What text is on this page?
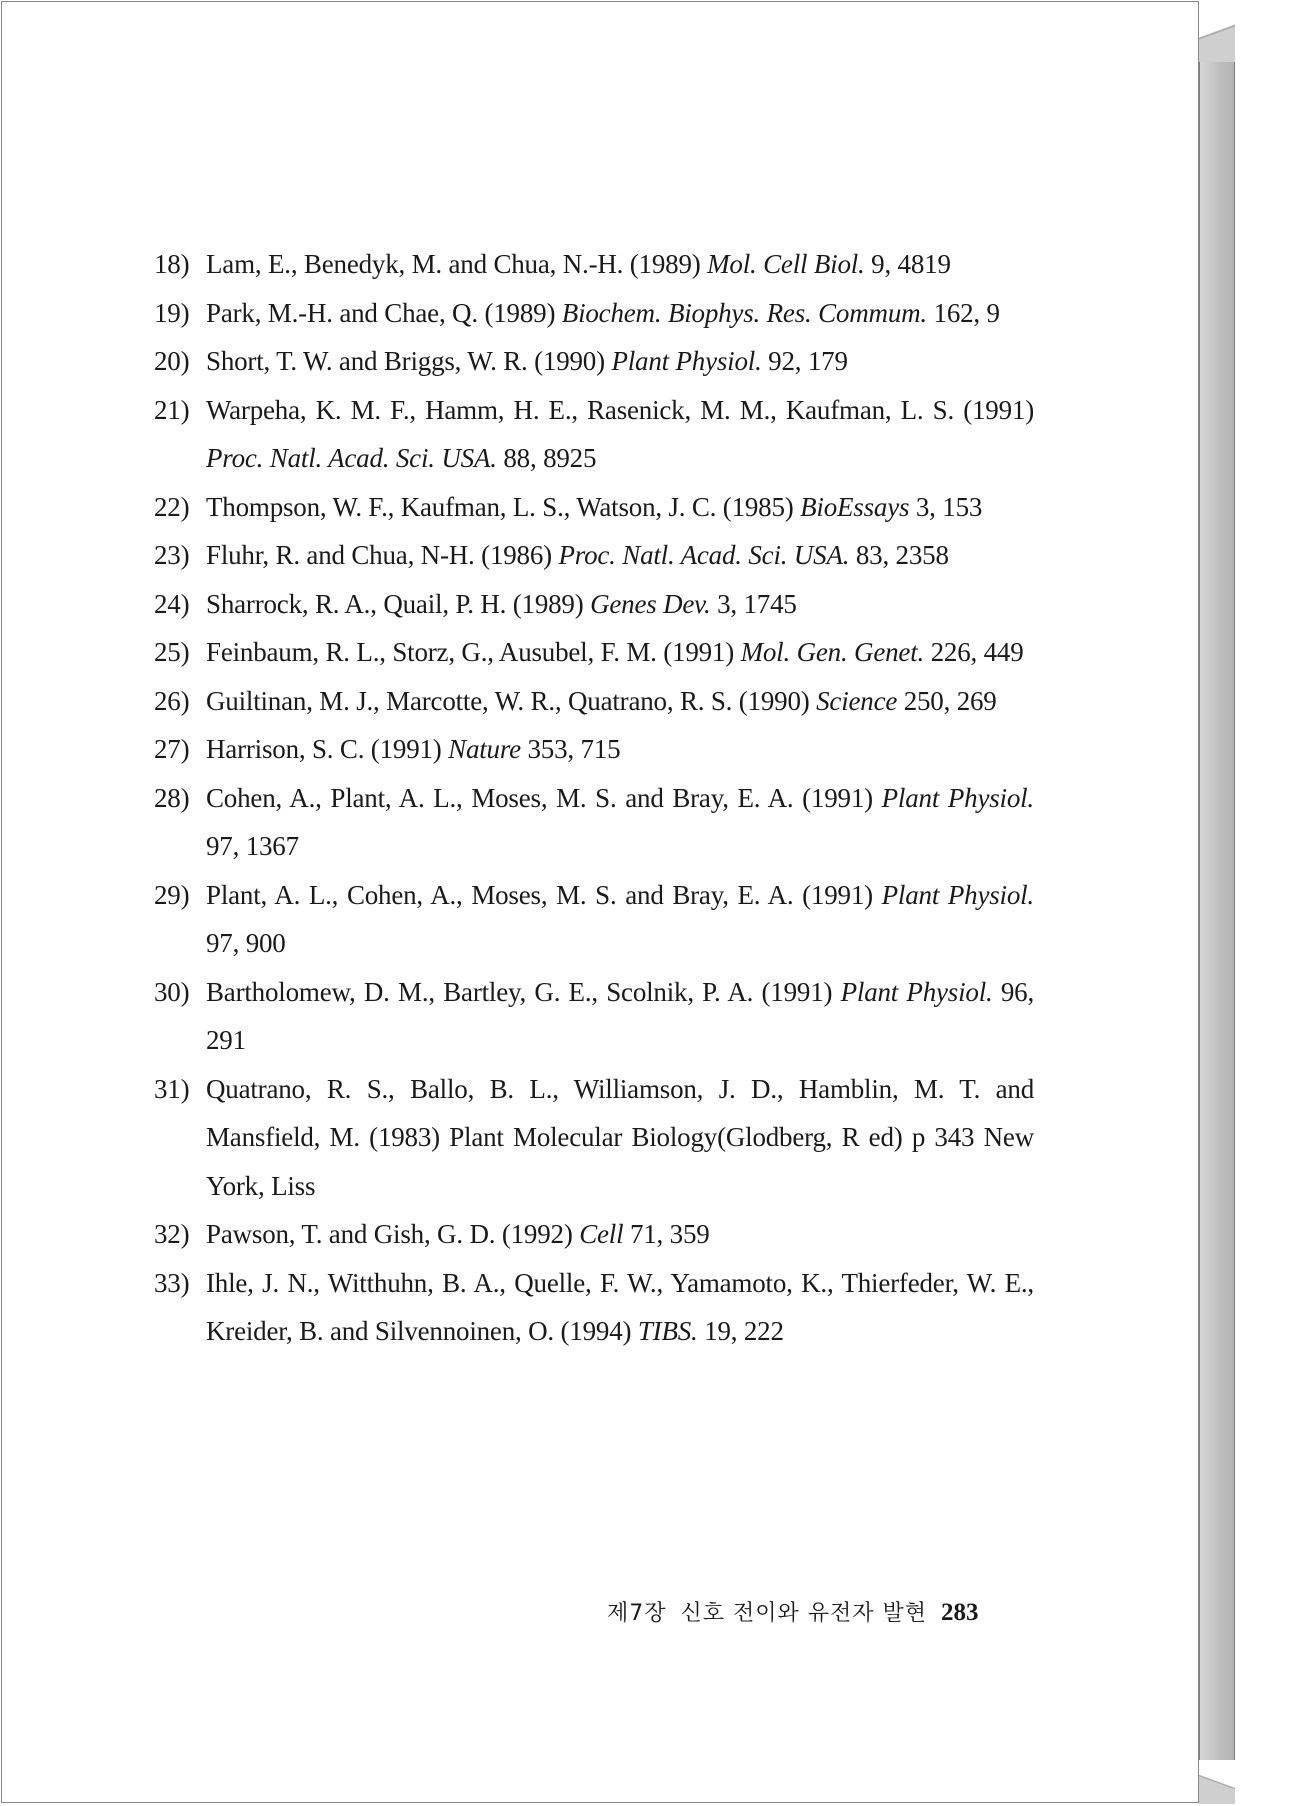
18) Lam, E., Benedyk, M. and Chua, N.-H. (1989) Mol. Cell Biol. 9, 4819
19) Park, M.-H. and Chae, Q. (1989) Biochem. Biophys. Res. Commum. 162, 9
20) Short, T. W. and Briggs, W. R. (1990) Plant Physiol. 92, 179
21) Warpeha, K. M. F., Hamm, H. E., Rasenick, M. M., Kaufman, L. S. (1991) Proc. Natl. Acad. Sci. USA. 88, 8925
22) Thompson, W. F., Kaufman, L. S., Watson, J. C. (1985) BioEssays 3, 153
23) Fluhr, R. and Chua, N-H. (1986) Proc. Natl. Acad. Sci. USA. 83, 2358
24) Sharrock, R. A., Quail, P. H. (1989) Genes Dev. 3, 1745
25) Feinbaum, R. L., Storz, G., Ausubel, F. M. (1991) Mol. Gen. Genet. 226, 449
26) Guiltinan, M. J., Marcotte, W. R., Quatrano, R. S. (1990) Science 250, 269
27) Harrison, S. C. (1991) Nature 353, 715
28) Cohen, A., Plant, A. L., Moses, M. S. and Bray, E. A. (1991) Plant Physiol. 97, 1367
29) Plant, A. L., Cohen, A., Moses, M. S. and Bray, E. A. (1991) Plant Physiol. 97, 900
30) Bartholomew, D. M., Bartley, G. E., Scolnik, P. A. (1991) Plant Physiol. 96, 291
31) Quatrano, R. S., Ballo, B. L., Williamson, J. D., Hamblin, M. T. and Mansfield, M. (1983) Plant Molecular Biology(Glodberg, R ed) p 343 New York, Liss
32) Pawson, T. and Gish, G. D. (1992) Cell 71, 359
33) Ihle, J. N., Witthuhn, B. A., Quelle, F. W., Yamamoto, K., Thierfeder, W. E., Kreider, B. and Silvennoinen, O. (1994) TIBS. 19, 222
제7장 신호 전이와 유전자 발현 283
